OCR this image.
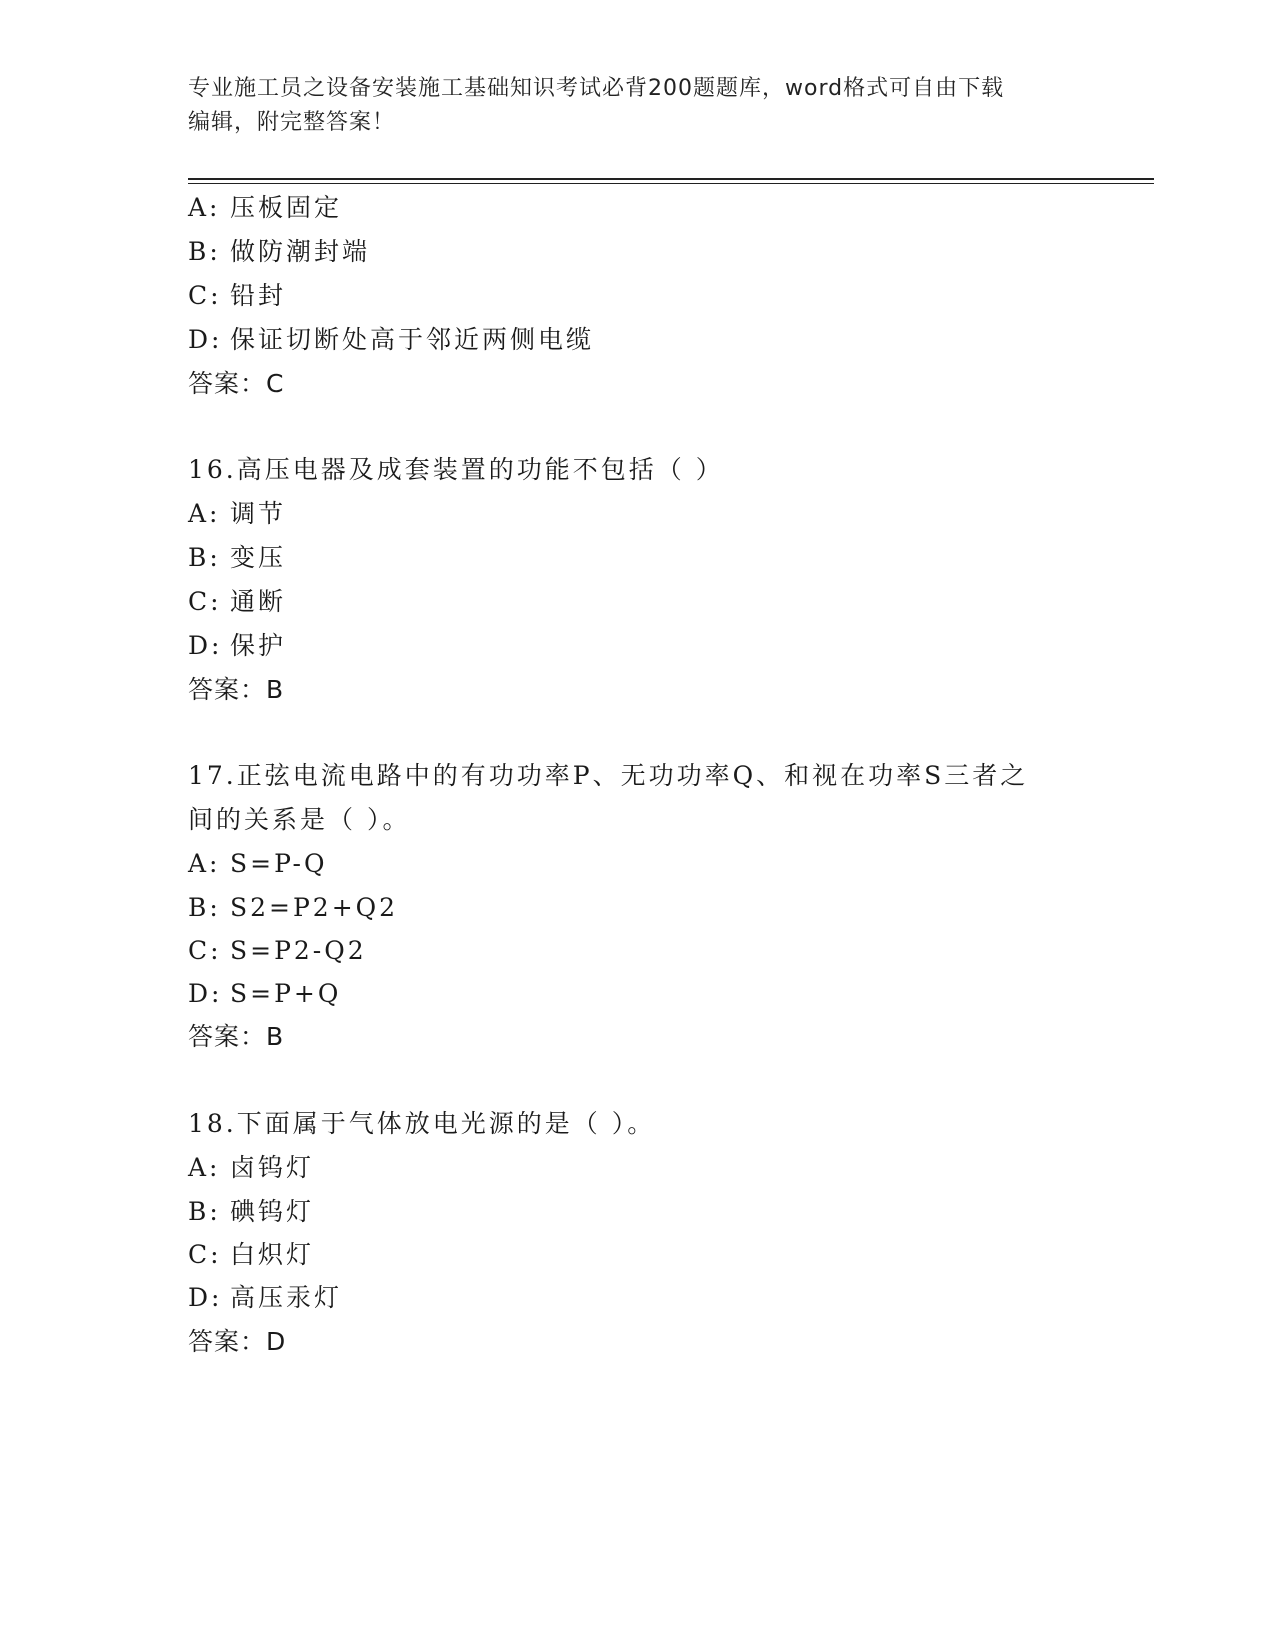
专业施工员之设备安装施工基础知识考试必背200题题库，word格式可自由下载
编辑，附完整答案！
A: 压板固定
B: 做防潮封端
C: 铅封
D: 保证切断处高于邻近两侧电缆
答案：C
16.高压电器及成套装置的功能不包括（ ）
A: 调节
B: 变压
C: 通断
D: 保护
答案：B
17.正弦电流电路中的有功功率P、无功功率Q、和视在功率S三者之
间的关系是（ ）。
A: S=P-Q
B: S2=P2+Q2
C: S=P2-Q2
D: S=P+Q
答案：B
18.下面属于气体放电光源的是（ ）。
A: 卤钨灯
B: 碘钨灯
C: 白炽灯
D: 高压汞灯
答案：D
